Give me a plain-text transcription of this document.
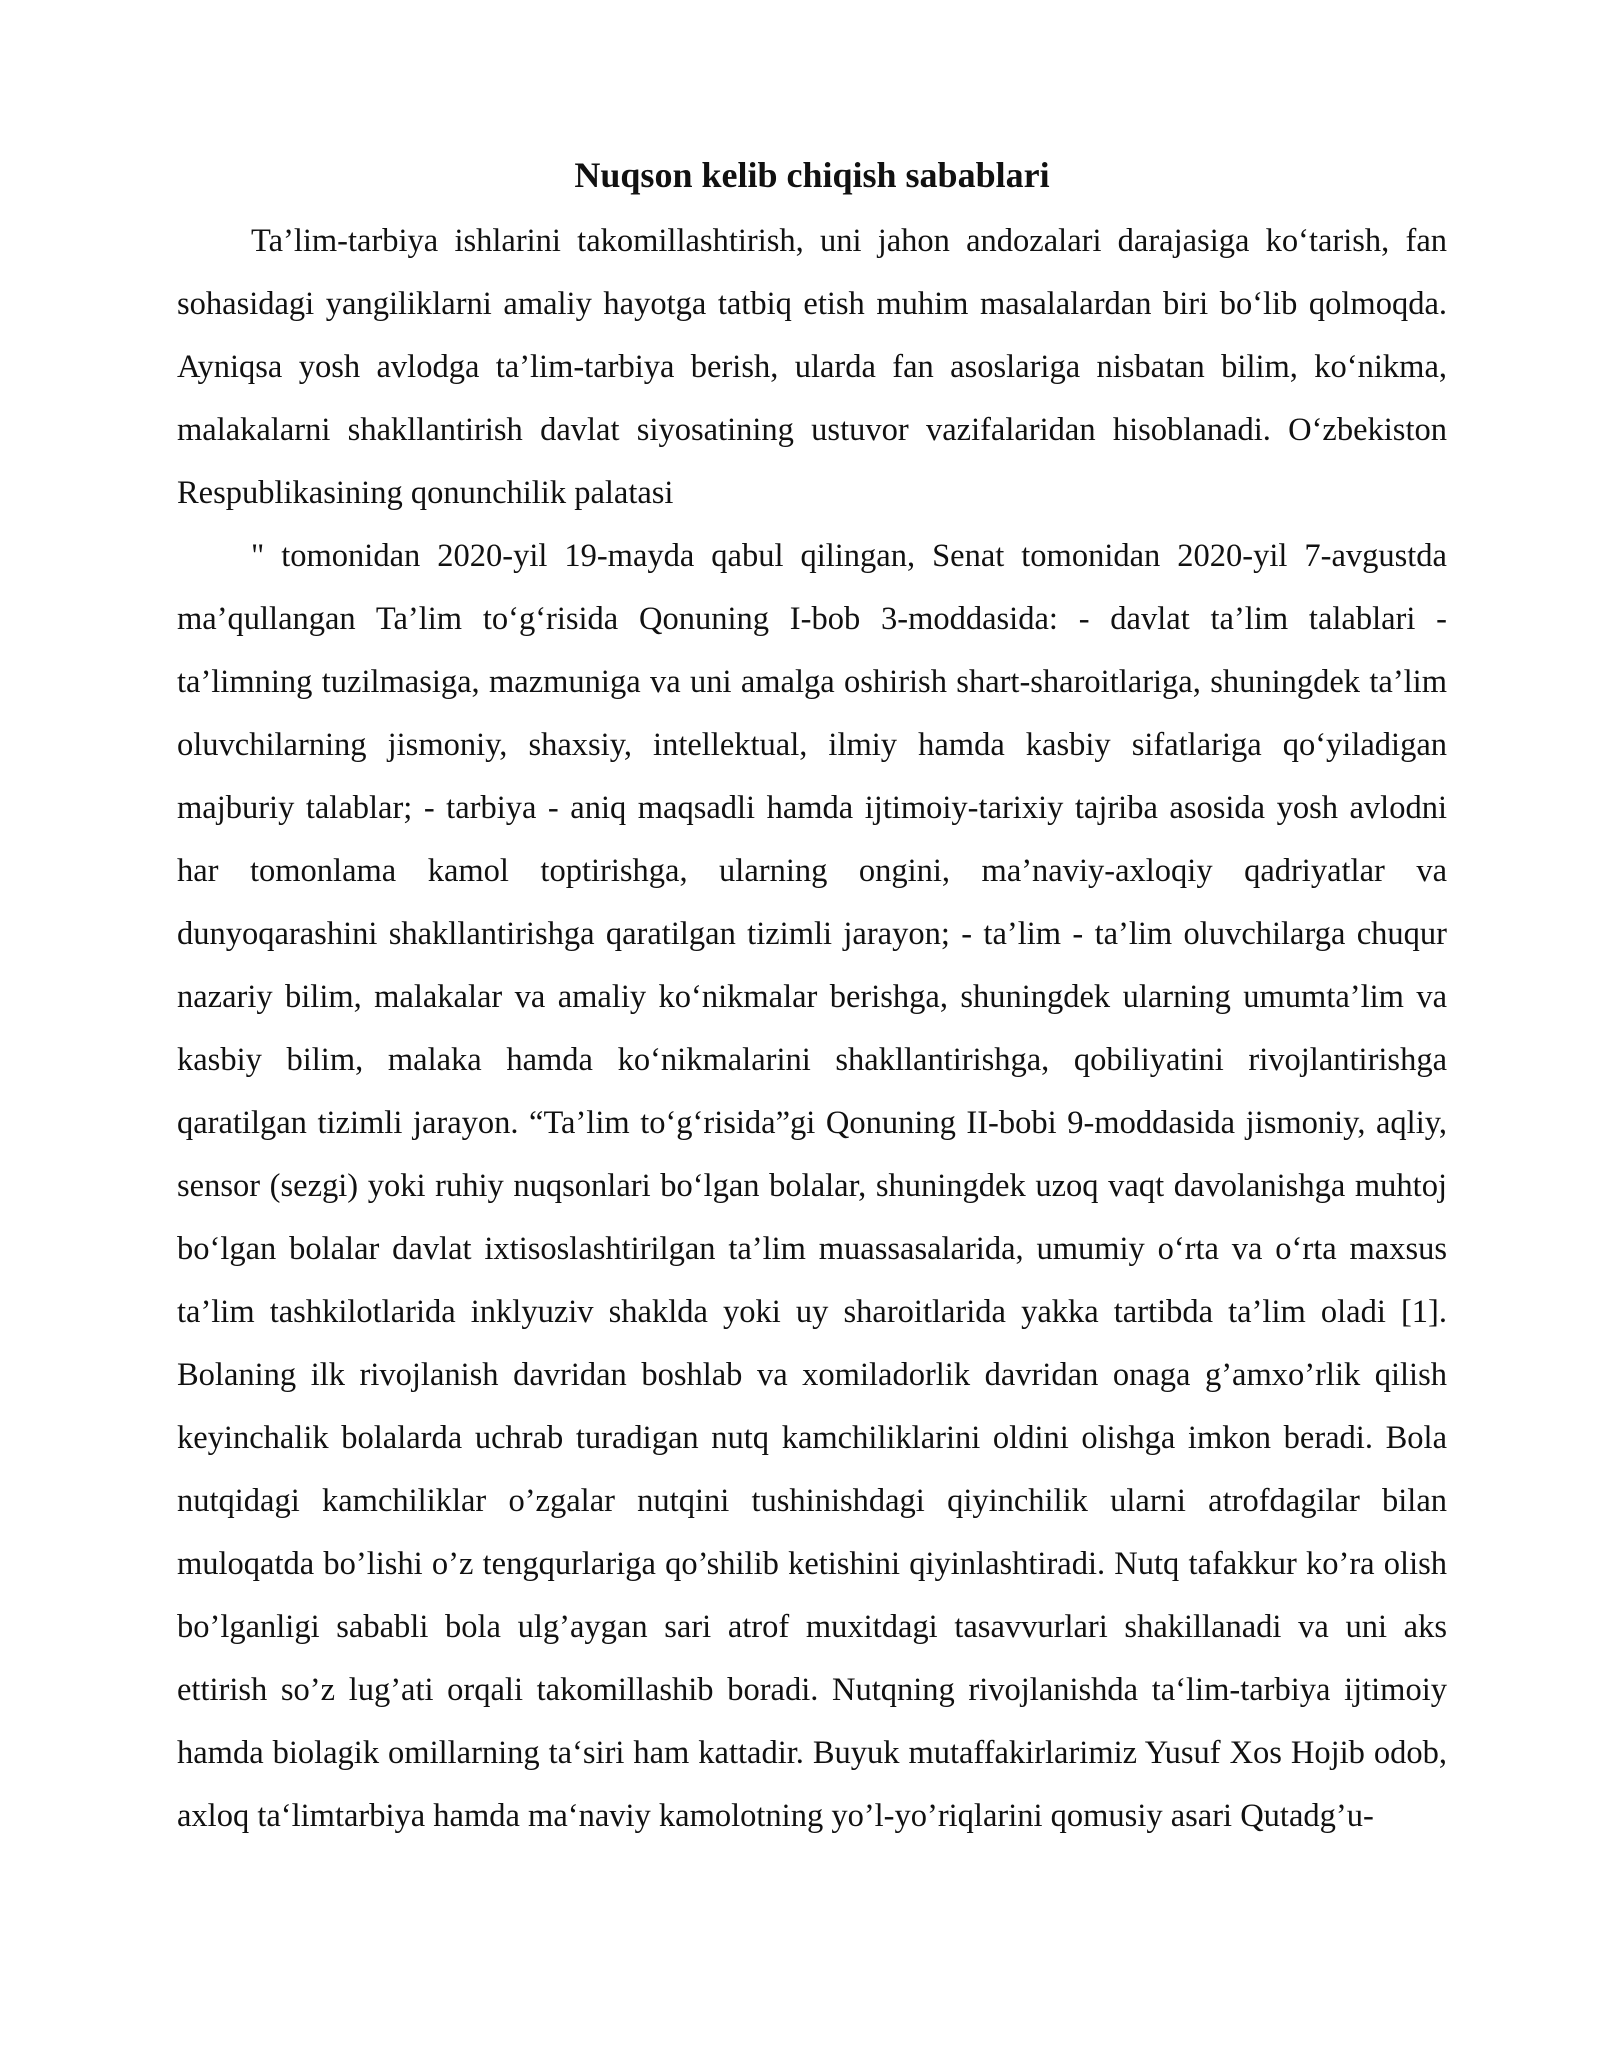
Nuqson kelib chiqish sabablari

Ta’lim-tarbiya ishlarini takomillashtirish, uni jahon andozalari darajasiga ko‘tarish, fan sohasidagi yangiliklarni amaliy hayotga tatbiq etish muhim masalalardan biri bo‘lib qolmoqda. Ayniqsa yosh avlodga ta’lim-tarbiya berish, ularda fan asoslariga nisbatan bilim, ko‘nikma, malakalarni shakllantirish davlat siyosatining ustuvor vazifalaridan hisoblanadi. O‘zbekiston Respublikasining qonunchilik palatasi

" tomonidan 2020-yil 19-mayda qabul qilingan, Senat tomonidan 2020-yil 7-avgustda ma’qullangan Ta’lim to‘g‘risida Qonuning I-bob 3-moddasida: - davlat ta’lim talablari - ta’limning tuzilmasiga, mazmuniga va uni amalga oshirish shart-sharoitlariga, shuningdek ta’lim oluvchilarning jismoniy, shaxsiy, intellektual, ilmiy hamda kasbiy sifatlariga qo‘yiladigan majburiy talablar; - tarbiya - aniq maqsadli hamda ijtimoiy-tarixiy tajriba asosida yosh avlodni har tomonlama kamol toptirishga, ularning ongini, ma’naviy-axloqiy qadriyatlar va dunyoqarashini shakllantirishga qaratilgan tizimli jarayon; - ta’lim - ta’lim oluvchilarga chuqur nazariy bilim, malakalar va amaliy ko‘nikmalar berishga, shuningdek ularning umumta’lim va kasbiy bilim, malaka hamda ko‘nikmalarini shakllantirishga, qobiliyatini rivojlantirishga qaratilgan tizimli jarayon. “Ta’lim to‘g‘risida”gi Qonuning II-bobi 9-moddasida jismoniy, aqliy, sensor (sezgi) yoki ruhiy nuqsonlari bo‘lgan bolalar, shuningdek uzoq vaqt davolanishga muhtoj bo‘lgan bolalar davlat ixtisoslashtirilgan ta’lim muassasalarida, umumiy o‘rta va o‘rta maxsus ta’lim tashkilotlarida inklyuziv shaklda yoki uy sharoitlarida yakka tartibda ta’lim oladi [1]. Bolaning ilk rivojlanish davridan boshlab va xomiladorlik davridan onaga g’amxo’rlik qilish keyinchalik bolalarda uchrab turadigan nutq kamchiliklarini oldini olishga imkon beradi. Bola nutqidagi kamchiliklar o’zgalar nutqini tushinishdagi qiyinchilik ularni atrofdagilar bilan muloqatda bo’lishi o’z tengqurlariga qo’shilib ketishini qiyinlashtiradi. Nutq tafakkur ko’ra olish bo’lganligi sababli bola ulg’aygan sari atrof muxitdagi tasavvurlari shakillanadi va uni aks ettirish so’z lug’ati orqali takomillashib boradi. Nutqning rivojlanishda ta‘lim-tarbiya ijtimoiy hamda biolagik omillarning ta‘siri ham kattadir. Buyuk mutaffakirlarimiz Yusuf Xos Hojib odob, axloq ta‘limtarbiya hamda ma‘naviy kamolotning yo’l-yo’riqlarini qomusiy asari Qutadg’u-
